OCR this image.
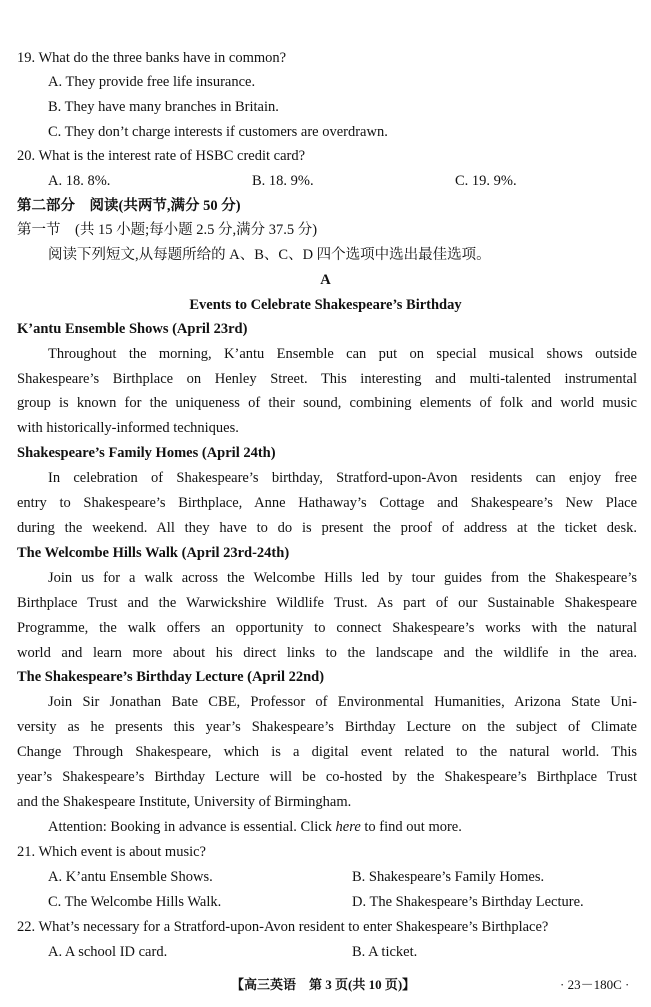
19. What do the three banks have in common?
A. They provide free life insurance.
B. They have many branches in Britain.
C. They don’t charge interests if customers are overdrawn.
20. What is the interest rate of HSBC credit card?
A. 18. 8%.	B. 18. 9%.	C. 19. 9%.
第二部分　阅读(共两节,满分 50 分)
第一节　(共 15 小题;每小题 2.5 分,满分 37.5 分)
阅读下列短文,从每题所给的 A、B、C、D 四个选项中选出最佳选项。
A
Events to Celebrate Shakespeare’s Birthday
K’antu Ensemble Shows (April 23rd)
Throughout the morning, K’antu Ensemble can put on special musical shows outside
Shakespeare’s Birthplace on Henley Street. This interesting and multi-talented instrumental
group is known for the uniqueness of their sound, combining elements of folk and world music
with historically-informed techniques.
Shakespeare’s Family Homes (April 24th)
In celebration of Shakespeare’s birthday, Stratford-upon-Avon residents can enjoy free
entry to Shakespeare’s Birthplace, Anne Hathaway’s Cottage and Shakespeare’s New Place
during the weekend. All they have to do is present the proof of address at the ticket desk.
The Welcombe Hills Walk (April 23rd-24th)
Join us for a walk across the Welcombe Hills led by tour guides from the Shakespeare’s
Birthplace Trust and the Warwickshire Wildlife Trust. As part of our Sustainable Shakespeare
Programme, the walk offers an opportunity to connect Shakespeare’s works with the natural
world and learn more about his direct links to the landscape and the wildlife in the area.
The Shakespeare’s Birthday Lecture (April 22nd)
Join Sir Jonathan Bate CBE, Professor of Environmental Humanities, Arizona State Uni-
versity as he presents this year’s Shakespeare’s Birthday Lecture on the subject of Climate
Change Through Shakespeare, which is a digital event related to the natural world. This
year’s Shakespeare’s Birthday Lecture will be co-hosted by the Shakespeare’s Birthplace Trust
and the Shakespeare Institute, University of Birmingham.
Attention: Booking in advance is essential. Click here to find out more.
21. Which event is about music?
A. K’antu Ensemble Shows.	B. Shakespeare’s Family Homes.
C. The Welcombe Hills Walk.	D. The Shakespeare’s Birthday Lecture.
22. What’s necessary for a Stratford-upon-Avon resident to enter Shakespeare’s Birthplace?
A. A school ID card.	B. A ticket.
【高三英语　第 3 页(共 10 页)】	· 23－180C ·
